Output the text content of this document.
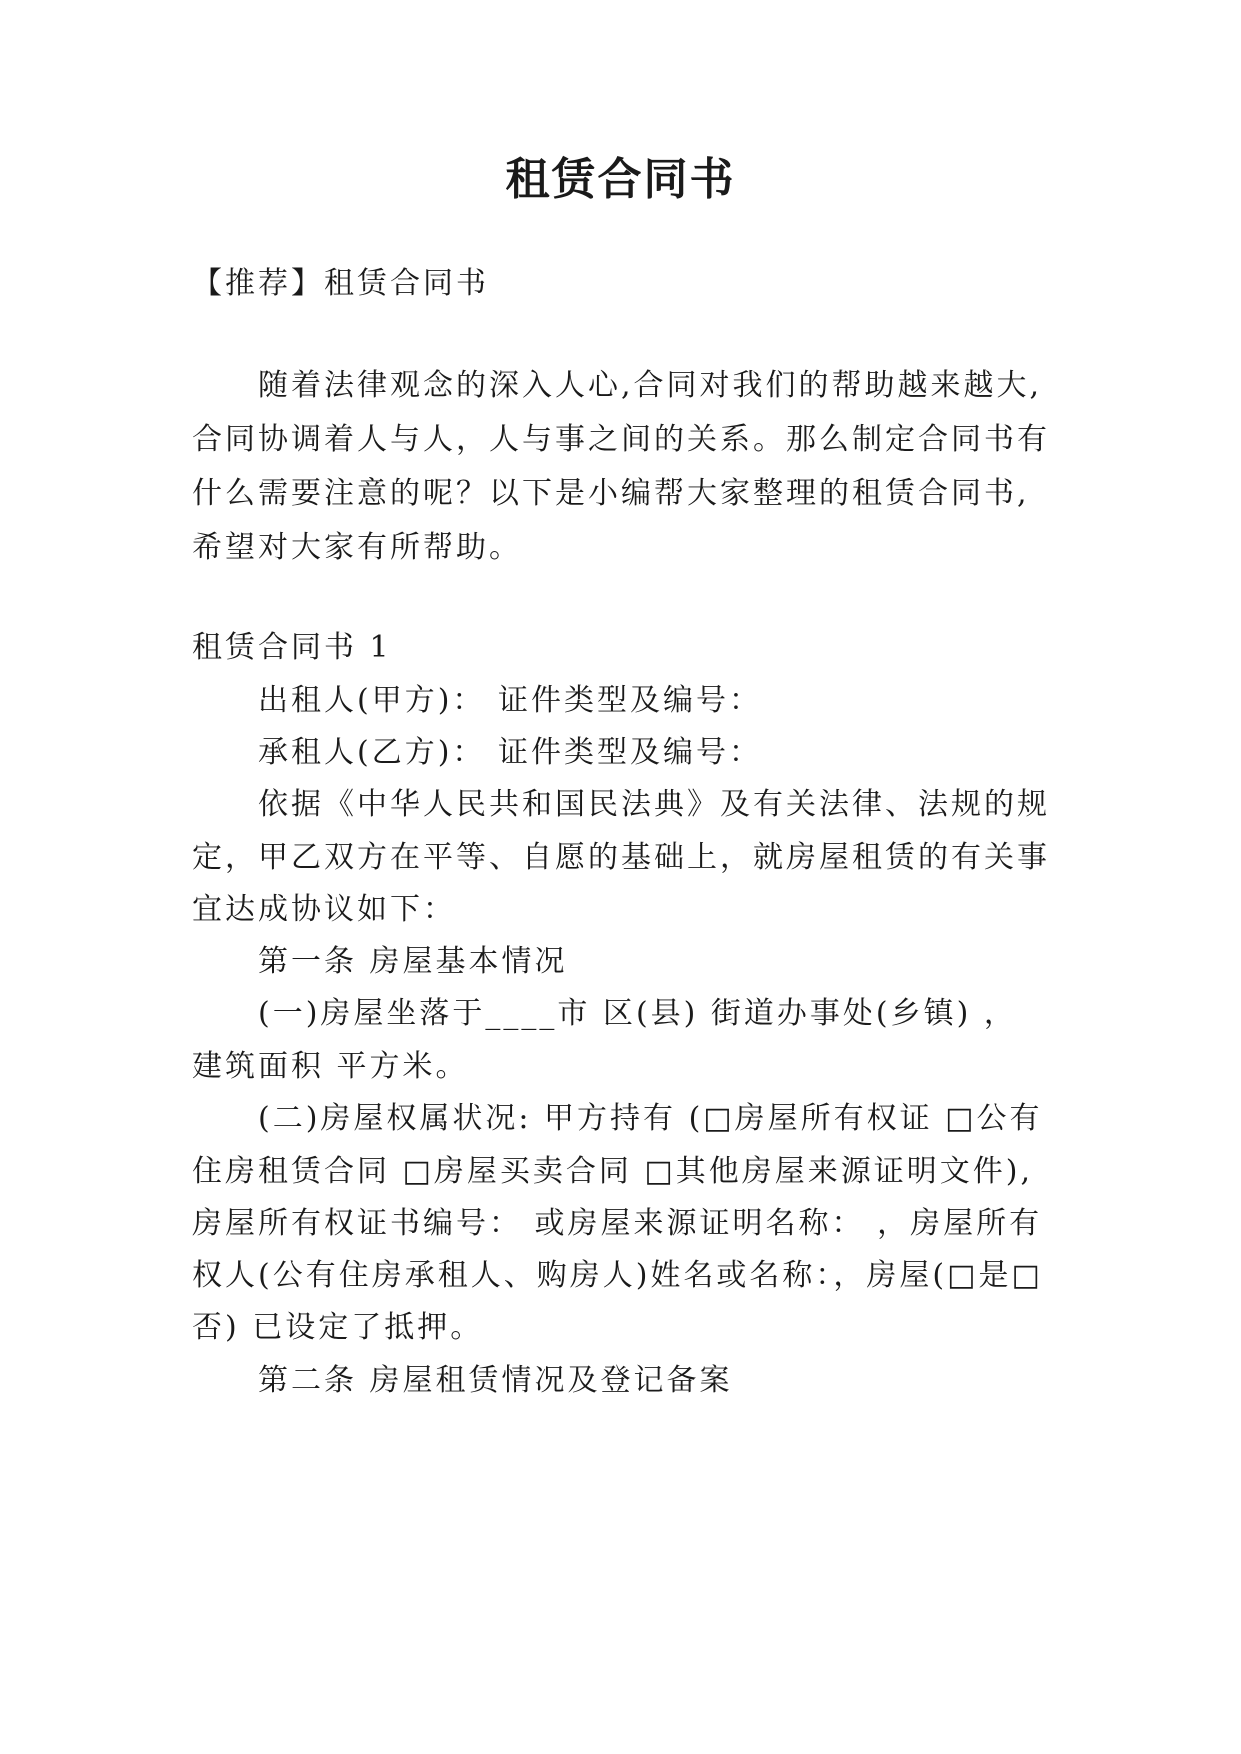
租赁合同书
【推荐】租赁合同书
随着法律观念的深入人心,合同对我们的帮助越来越大,
合同协调着人与人，人与事之间的关系。那么制定合同书有
什么需要注意的呢？以下是小编帮大家整理的租赁合同书,
希望对大家有所帮助。
租赁合同书 1
出租人(甲方)： 证件类型及编号：
承租人(乙方)： 证件类型及编号：
依据《中华人民共和国民法典》及有关法律、法规的规
定，甲乙双方在平等、自愿的基础上，就房屋租赁的有关事
宜达成协议如下：
第一条 房屋基本情况
(一)房屋坐落于____市 区(县) 街道办事处(乡镇) ，
建筑面积 平方米。
(二)房屋权属状况: 甲方持有 (□房屋所有权证 □公有
住房租赁合同 □房屋买卖合同 □其他房屋来源证明文件),
房屋所有权证书编号： 或房屋来源证明名称： ，房屋所有
权人(公有住房承租人、购房人)姓名或名称：，房屋(□是□
否) 已设定了抵押。
第二条 房屋租赁情况及登记备案
